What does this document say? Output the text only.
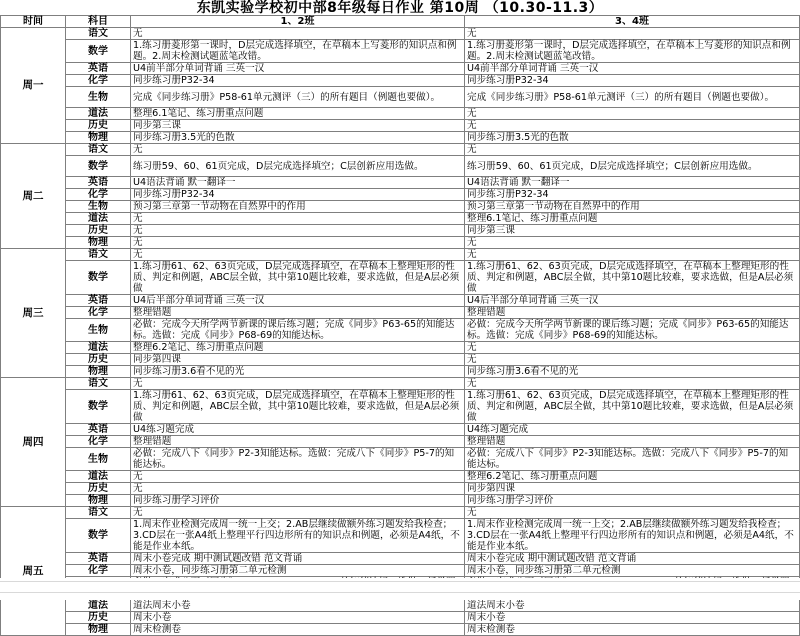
东凯实验学校初中部8年级每日作业 第10周 （10.30-11.3）
时间	科目	1、2班	3、4班
周一	语文	无	无
	数学	1.练习册菱形第一课时，D层完成选择填空，在草稿本上写菱形的知识点和例题。2.周末检测试题蓝笔改错。	1.练习册菱形第一课时，D层完成选择填空，在草稿本上写菱形的知识点和例题。2.周末检测试题蓝笔改错。
	英语	U4前半部分单词背诵 三英一汉	U4前半部分单词背诵 三英一汉
	化学	同步练习册P32-34	同步练习册P32-34
	生物	完成《同步练习册》P58-61单元测评（三）的所有题目（例题也要做）。	完成《同步练习册》P58-61单元测评（三）的所有题目（例题也要做）。
	道法	整理6.1笔记、练习册重点问题	无
	历史	同步第三课	无
	物理	同步练习册3.5光的色散	同步练习册3.5光的色散
周二	语文	无	无
	数学	练习册59、60、61页完成，D层完成选择填空；C层创新应用选做。	练习册59、60、61页完成，D层完成选择填空；C层创新应用选做。
	英语	U4语法背诵 默一翻译一	U4语法背诵 默一翻译一
	化学	同步练习册P32-34	同步练习册P32-34
	生物	预习第三章第一节动物在自然界中的作用	预习第三章第一节动物在自然界中的作用
	道法	无	整理6.1笔记、练习册重点问题
	历史	无	同步第三课
	物理	无	无
周三	语文	无	无
	数学	1.练习册61、62、63页完成，D层完成选择填空，在草稿本上整理矩形的性质、判定和例题，ABC层全做，其中第10题比较难，要求选做，但是A层必须做	1.练习册61、62、63页完成，D层完成选择填空，在草稿本上整理矩形的性质、判定和例题，ABC层全做，其中第10题比较难，要求选做，但是A层必须做
	英语	U4后半部分单词背诵 三英一汉	U4后半部分单词背诵 三英一汉
	化学	整理错题	整理错题
	生物	必做：完成今天所学两节新课的课后练习题；完成《同步》P63-65的知能达标。选做：完成《同步》P68-69的知能达标。	必做：完成今天所学两节新课的课后练习题；完成《同步》P63-65的知能达标。选做：完成《同步》P68-69的知能达标。
	道法	整理6.2笔记、练习册重点问题	无
	历史	同步第四课	无
	物理	同步练习册3.6看不见的光	同步练习册3.6看不见的光
周四	语文	无	无
	数学	1.练习册61、62、63页完成，D层完成选择填空，在草稿本上整理矩形的性质、判定和例题，ABC层全做，其中第10题比较难，要求选做，但是A层必须做	1.练习册61、62、63页完成，D层完成选择填空，在草稿本上整理矩形的性质、判定和例题，ABC层全做，其中第10题比较难，要求选做，但是A层必须做
	英语	U4练习题完成	U4练习题完成
	化学	整理错题	整理错题
	生物	必做：完成八下《同步》P2-3知能达标。选做：完成八下《同步》P5-7的知能达标。	必做：完成八下《同步》P2-3知能达标。选做：完成八下《同步》P5-7的知能达标。
	道法	无	整理6.2笔记、练习册重点问题
	历史	无	同步第四课
	物理	同步练习册学习评价	同步练习册学习评价
周五	语文	无	无
	数学	1.周末作业检测完成周一统一上交；2.AB层继续做额外练习题发给我检查；3.CD层在一张A4纸上整理平行四边形所有的知识点和例题，必须是A4纸，不能是作业本纸。	1.周末作业检测完成周一统一上交；2.AB层继续做额外练习题发给我检查；3.CD层在一张A4纸上整理平行四边形所有的知识点和例题，必须是A4纸，不能是作业本纸。
	英语	周末小卷完成 期中测试题改错 范文背诵	周末小卷完成 期中测试题改错 范文背诵
	化学	周末小卷，同步练习册第二单元检测	周末小卷，同步练习册第二单元检测

	道法	道法周末小卷	道法周末小卷
	历史	周末小卷	周末小卷
	物理	周末检测卷	周末检测卷
